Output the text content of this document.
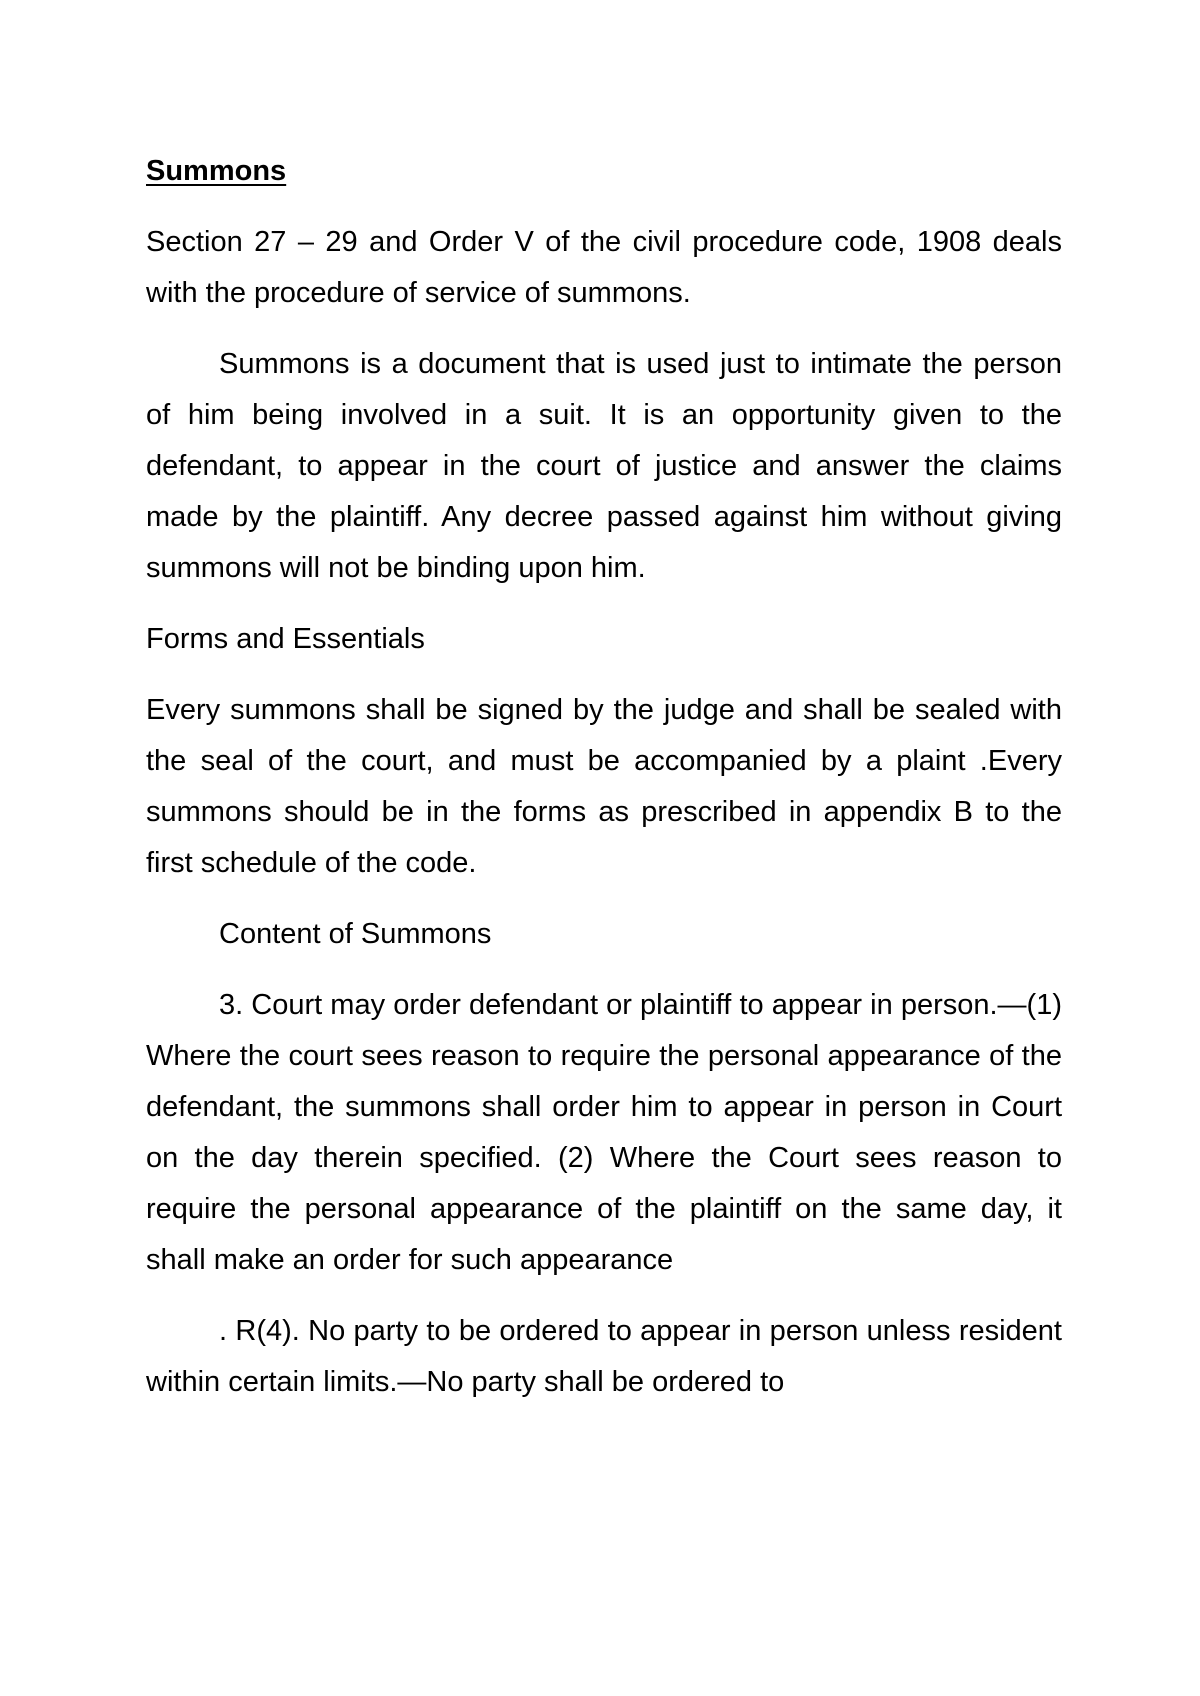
Summons

Section 27 – 29 and Order V of the civil procedure code, 1908 deals with the procedure of service of summons.

Summons is a document that is used just to intimate the person of him being involved in a suit. It is an opportunity given to the defendant, to appear in the court of justice and answer the claims made by the plaintiff. Any decree passed against him without giving summons will not be binding upon him.

Forms and Essentials

Every summons shall be signed by the judge and shall be sealed with the seal of the court, and must be accompanied by a plaint .Every summons should be in the forms as prescribed in appendix B to the first schedule of the code.

Content of Summons

3. Court may order defendant or plaintiff to appear in person.—(1) Where the court sees reason to require the personal appearance of the defendant, the summons shall order him to appear in person in Court on the day therein specified. (2) Where the Court sees reason to require the personal appearance of the plaintiff on the same day, it shall make an order for such appearance

. R(4). No party to be ordered to appear in person unless resident within certain limits.—No party shall be ordered to
